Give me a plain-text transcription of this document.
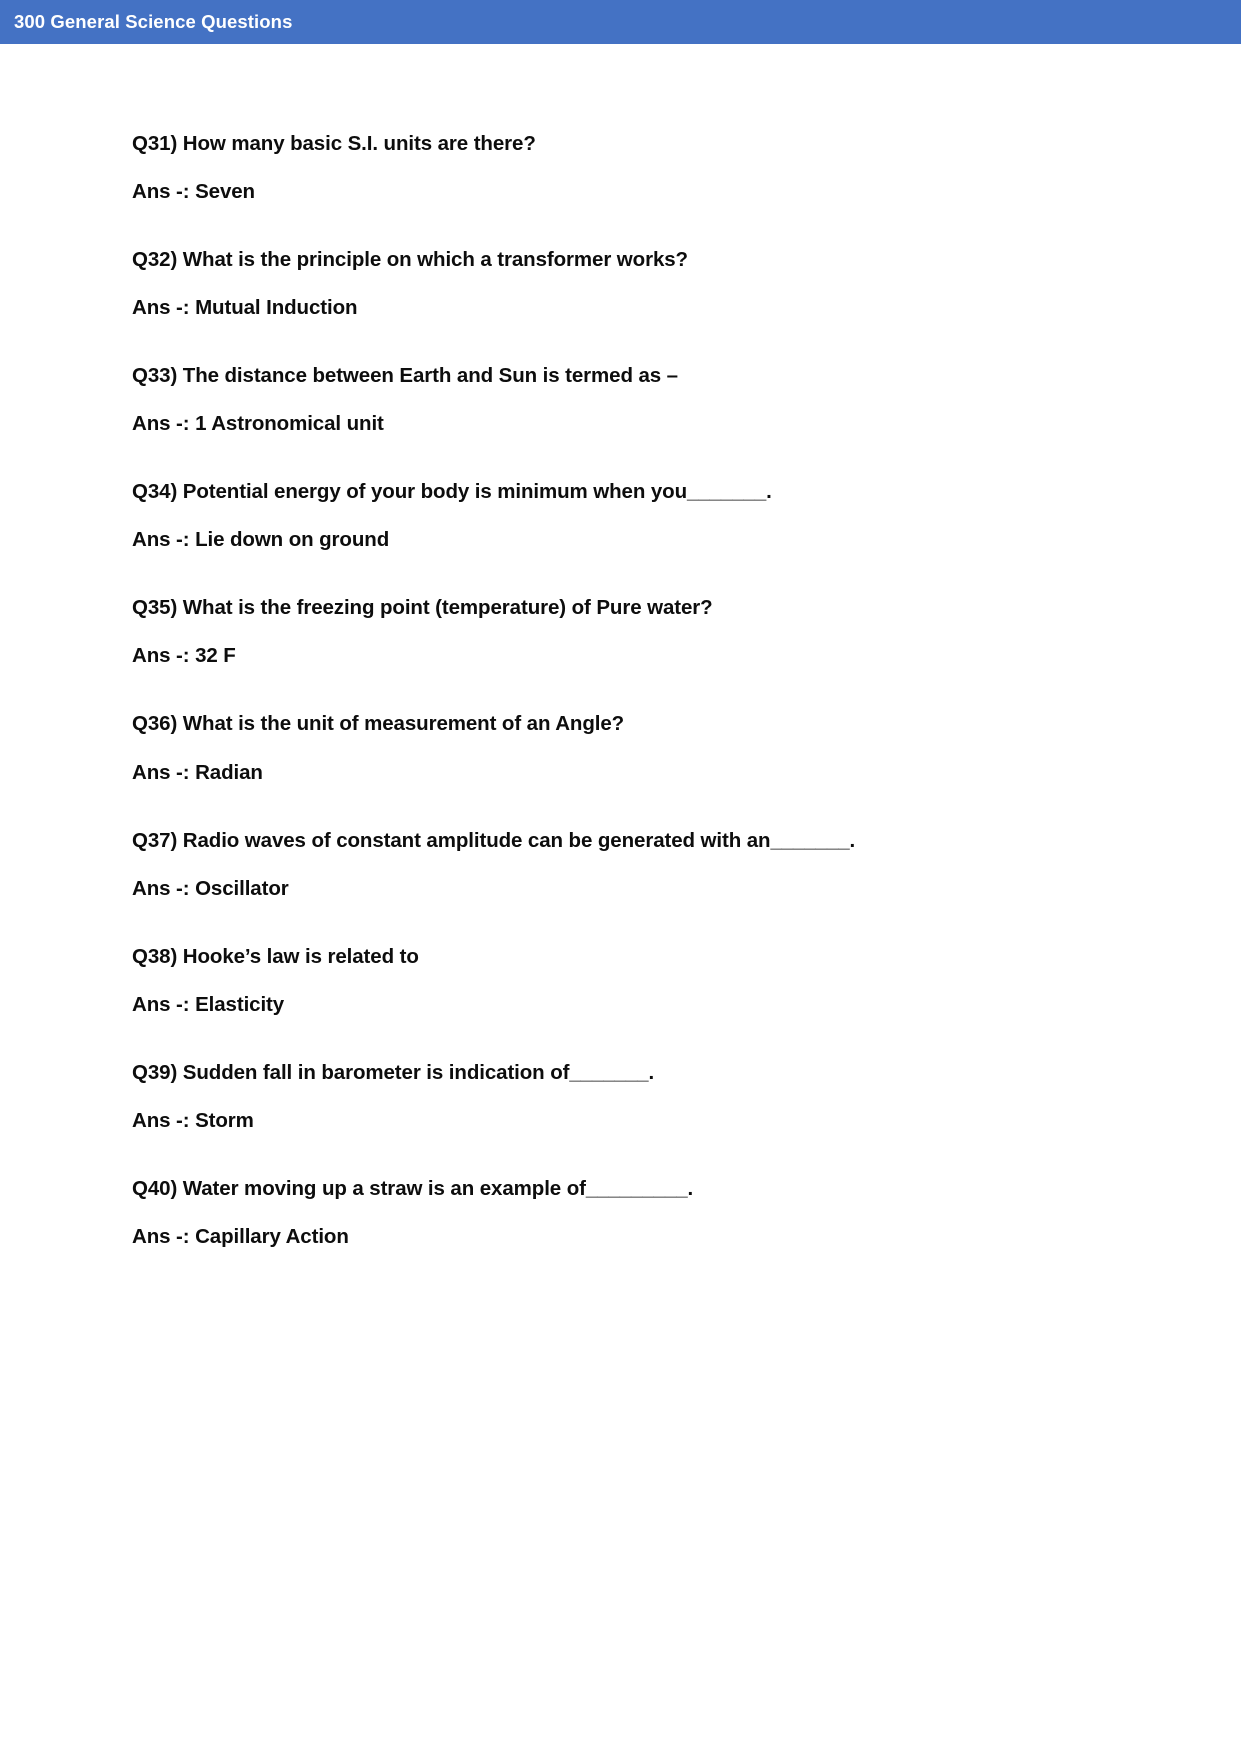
300 General Science Questions

Q31) How many basic S.I. units are there?

Ans -: Seven

Q32) What is the principle on which a transformer works?

Ans -: Mutual Induction

Q33) The distance between Earth and Sun is termed as –

Ans -: 1 Astronomical unit

Q34) Potential energy of your body is minimum when you_______.

Ans -: Lie down on ground

Q35) What is the freezing point (temperature) of Pure water?

Ans -: 32 F

Q36) What is the unit of measurement of an Angle?

Ans -: Radian

Q37) Radio waves of constant amplitude can be generated with an_______.

Ans -: Oscillator

Q38) Hooke’s law is related to

Ans -: Elasticity

Q39) Sudden fall in barometer is indication of_______.

Ans -: Storm

Q40) Water moving up a straw is an example of_________.

Ans -: Capillary Action
